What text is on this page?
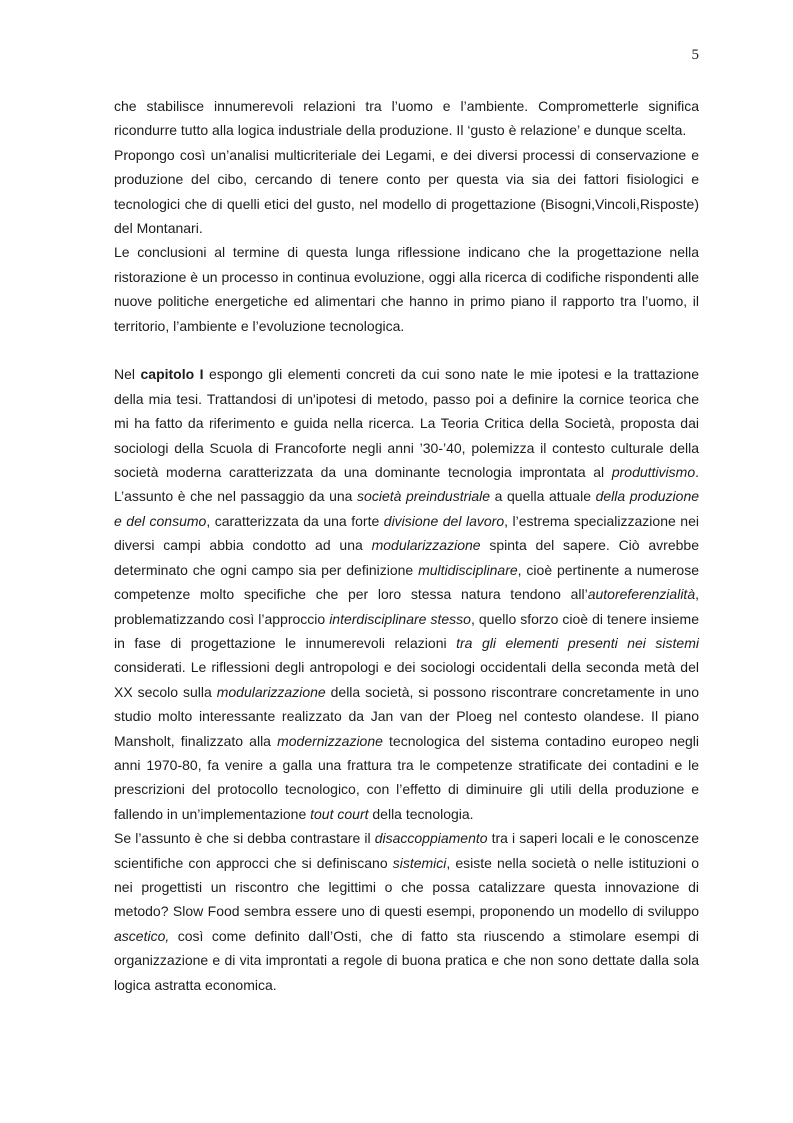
5

che stabilisce innumerevoli relazioni tra l’uomo e l’ambiente. Comprometterle significa ricondurre tutto alla logica industriale della produzione. Il ‘gusto è relazione’ e dunque scelta.

Propongo così un’analisi multicriteriale dei Legami, e dei diversi processi di conservazione e produzione del cibo, cercando di tenere conto per questa via sia dei fattori fisiologici e tecnologici che di quelli etici del gusto, nel modello di progettazione (Bisogni,Vincoli,Risposte) del Montanari.

Le conclusioni al termine di questa lunga riflessione indicano che la progettazione nella ristorazione è un processo in continua evoluzione, oggi alla ricerca di codifiche rispondenti alle nuove politiche energetiche ed alimentari che hanno in primo piano il rapporto tra l’uomo, il territorio, l’ambiente e l’evoluzione tecnologica.

Nel capitolo I espongo gli elementi concreti da cui sono nate le mie ipotesi e la trattazione della mia tesi. Trattandosi di un'ipotesi di metodo, passo poi a definire la cornice teorica che mi ha fatto da riferimento e guida nella ricerca. La Teoria Critica della Società, proposta dai sociologi della Scuola di Francoforte negli anni ’30-’40, polemizza il contesto culturale della società moderna caratterizzata da una dominante tecnologia improntata al produttivismo. L’assunto è che nel passaggio da una società preindustriale a quella attuale della produzione e del consumo, caratterizzata da una forte divisione del lavoro, l’estrema specializzazione nei diversi campi abbia condotto ad una modularizzazione spinta del sapere. Ciò avrebbe determinato che ogni campo sia per definizione multidisciplinare, cioè pertinente a numerose competenze molto specifiche che per loro stessa natura tendono all’autoreferenzialità, problematizzando così l’approccio interdisciplinare stesso, quello sforzo cioè di tenere insieme in fase di progettazione le innumerevoli relazioni tra gli elementi presenti nei sistemi considerati. Le riflessioni degli antropologi e dei sociologi occidentali della seconda metà del XX secolo sulla modularizzazione della società, si possono riscontrare concretamente in uno studio molto interessante realizzato da Jan van der Ploeg nel contesto olandese. Il piano Mansholt, finalizzato alla modernizzazione tecnologica del sistema contadino europeo negli anni 1970-80, fa venire a galla una frattura tra le competenze stratificate dei contadini e le prescrizioni del protocollo tecnologico, con l’effetto di diminuire gli utili della produzione e fallendo in un’implementazione tout court della tecnologia.

Se l’assunto è che si debba contrastare il disaccoppiamento tra i saperi locali e le conoscenze scientifiche con approcci che si definiscano sistemici, esiste nella società o nelle istituzioni o nei progettisti un riscontro che legittimi o che possa catalizzare questa innovazione di metodo? Slow Food sembra essere uno di questi esempi, proponendo un modello di sviluppo ascetico, così come definito dall’Osti, che di fatto sta riuscendo a stimolare esempi di organizzazione e di vita improntati a regole di buona pratica e che non sono dettate dalla sola logica astratta economica.
